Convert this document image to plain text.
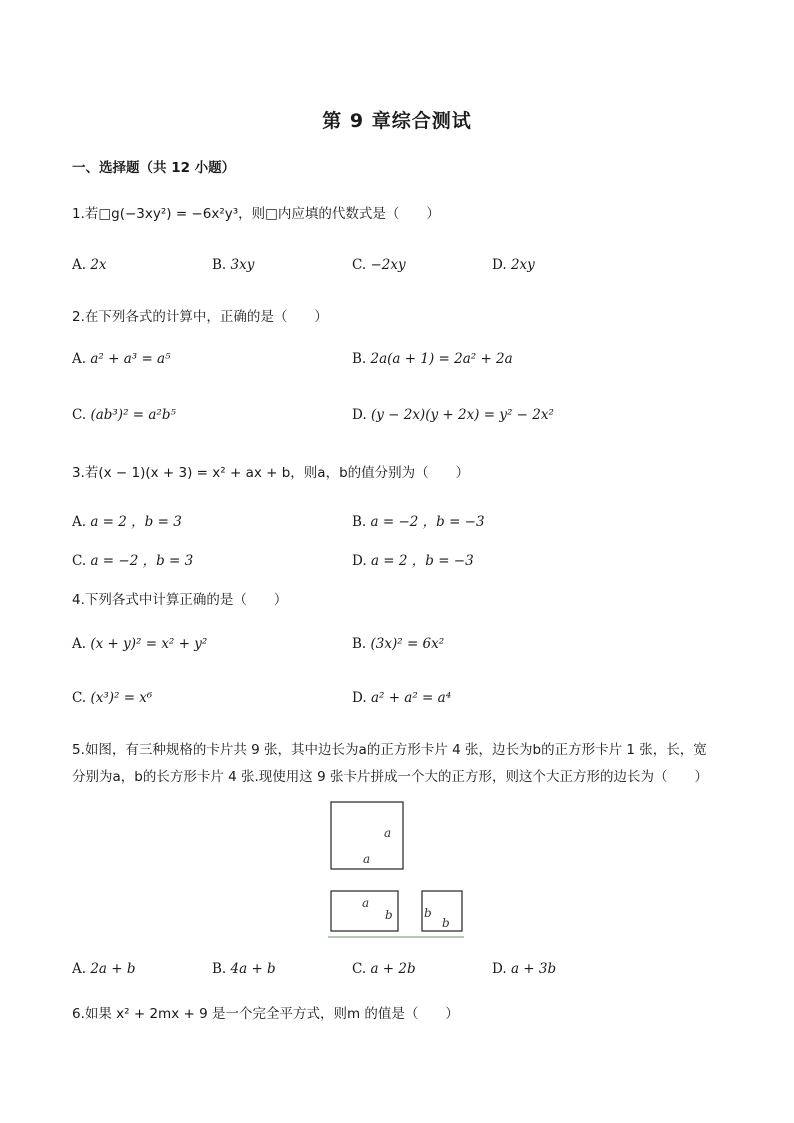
第 9 章综合测试
一、选择题（共 12 小题）
1.若□g(−3xy²) = −6x²y³，则□内应填的代数式是（　　）
A. 2x	B. 3xy	C. −2xy	D. 2xy
2.在下列各式的计算中，正确的是（　　）
A. a² + a³ = a⁵	B. 2a(a + 1) = 2a² + 2a
C. (ab³)² = a²b⁵	D. (y − 2x)(y + 2x) = y² − 2x²
3.若(x − 1)(x + 3) = x² + ax + b，则a，b的值分别为（　　）
A. a = 2 ，b = 3	B. a = −2 ，b = −3
C. a = −2 ，b = 3	D. a = 2 ，b = −3
4.下列各式中计算正确的是（　　）
A. (x + y)² = x² + y²	B. (3x)² = 6x²
C. (x³)² = x⁶	D. a² + a² = a⁴
5.如图，有三种规格的卡片共 9 张，其中边长为a的正方形卡片 4 张，边长为b的正方形卡片 1 张，长，宽
分别为a，b的长方形卡片 4 张.现使用这 9 张卡片拼成一个大的正方形，则这个大正方形的边长为（　　）
a
a
a
b	b
b
A. 2a + b	B. 4a + b	C. a + 2b	D. a + 3b
6.如果 x² + 2mx + 9 是一个完全平方式，则m 的值是（　　）
